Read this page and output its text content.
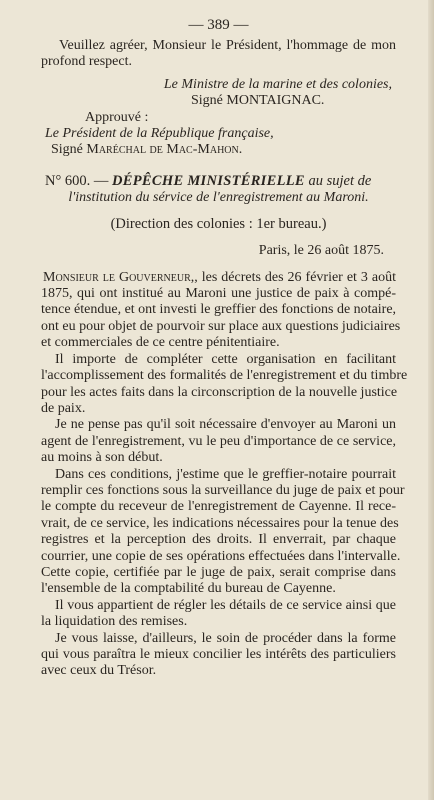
— 389 —
Veuillez agréer, Monsieur le Président, l'hommage de mon
profond respect.
Le Ministre de la marine et des colonies,
Signé MONTAIGNAC.
Approuvé :
Le Président de la République française,
Signé Maréchal de Mac-Mahon.
N° 600. — DÉPÊCHE MINISTÉRIELLE au sujet de
l'institution du sérvice de l'enregistrement au Maroni.
(Direction des colonies : 1er bureau.)
Paris, le 26 août 1875.
Monsieur le Gouverneur,, les décrets des 26 février et 3 août
1875, qui ont institué au Maroni une justice de paix à compé-
tence étendue, et ont investi le greffier des fonctions de notaire,
ont eu pour objet de pourvoir sur place aux questions judiciaires
et commerciales de ce centre pénitentiaire.
Il importe de compléter cette organisation en facilitant
l'accomplissement des formalités de l'enregistrement et du timbre
pour les actes faits dans la circonscription de la nouvelle justice
de paix.
Je ne pense pas qu'il soit nécessaire d'envoyer au Maroni un
agent de l'enregistrement, vu le peu d'importance de ce service,
au moins à son début.
Dans ces conditions, j'estime que le greffier-notaire pourrait
remplir ces fonctions sous la surveillance du juge de paix et pour
le compte du receveur de l'enregistrement de Cayenne. Il rece-
vrait, de ce service, les indications nécessaires pour la tenue des
registres et la perception des droits. Il enverrait, par chaque
courrier, une copie de ses opérations effectuées dans l'intervalle.
Cette copie, certifiée par le juge de paix, serait comprise dans
l'ensemble de la comptabilité du bureau de Cayenne.
Il vous appartient de régler les détails de ce service ainsi que
la liquidation des remises.
Je vous laisse, d'ailleurs, le soin de procéder dans la forme
qui vous paraîtra le mieux concilier les intérêts des particuliers
avec ceux du Trésor.
